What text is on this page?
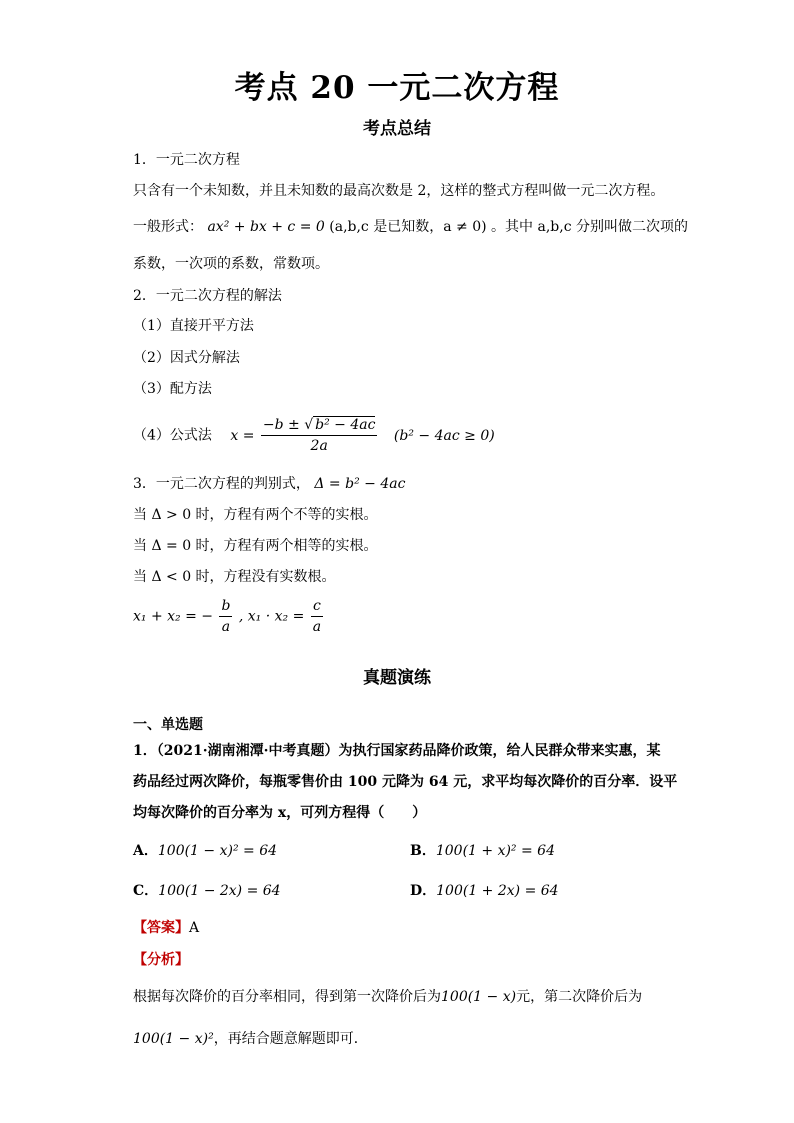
考点 20 一元二次方程
考点总结
1．一元二次方程
只含有一个未知数，并且未知数的最高次数是 2，这样的整式方程叫做一元二次方程。
一般形式： ax² + bx + c = 0 (a,b,c 是已知数，a ≠ 0) 。其中 a,b,c 分别叫做二次项的
系数，一次项的系数，常数项。
2．一元二次方程的解法
（1）直接开平方法
（2）因式分解法
（3）配方法
（4）公式法 $x = \frac{\text{−b ± √ b² − 4ac}}{2a} (b^2 - 4ac \ge 0)$
3．一元二次方程的判别式， Δ = b² − 4ac
当 Δ > 0 时，方程有两个不等的实根。
当 Δ = 0 时，方程有两个相等的实根。
当 Δ < 0 时，方程没有实数根。
x₁ + x₂ = − $\frac{b}{a}$ , $x_1 \cdot x_2 = \frac{c}{a}$
真题演练
一、单选题
1．（2021·湖南湘潭·中考真题）为执行国家药品降价政策，给人民群众带来实惠，某
药品经过两次降价，每瓶零售价由 100 元降为 64 元，求平均每次降价的百分率．设平
均每次降价的百分率为 x，可列方程得（　　）
A．100(1 − x)² = 64	B．100(1 + x)² = 64
C．100(1 − 2x) = 64	D．100(1 + 2x) = 64
【答案】A
【分析】
根据每次降价的百分率相同，得到第一次降价后为100(1 − x)元，第二次降价后为
100(1 − x)²，再结合题意解题即可．
